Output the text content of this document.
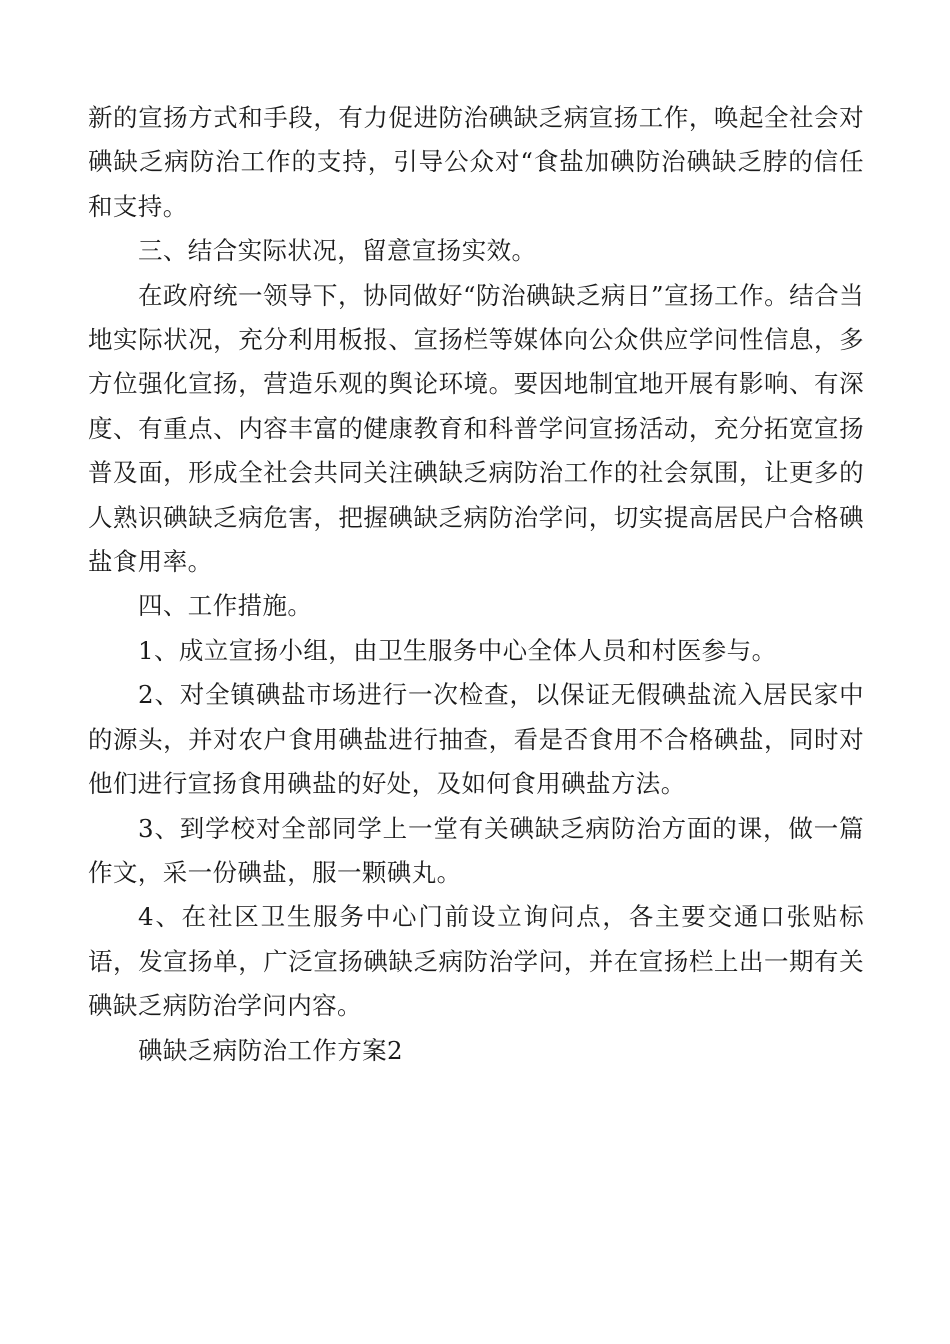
新的宣扬方式和手段，有力促进防治碘缺乏病宣扬工作，唤起全社会对碘缺乏病防治工作的支持，引导公众对“食盐加碘防治碘缺乏脖的信任和支持。

三、结合实际状况，留意宣扬实效。

在政府统一领导下，协同做好“防治碘缺乏病日”宣扬工作。结合当地实际状况，充分利用板报、宣扬栏等媒体向公众供应学问性信息，多方位强化宣扬，营造乐观的舆论环境。要因地制宜地开展有影响、有深度、有重点、内容丰富的健康教育和科普学问宣扬活动，充分拓宽宣扬普及面，形成全社会共同关注碘缺乏病防治工作的社会氛围，让更多的人熟识碘缺乏病危害，把握碘缺乏病防治学问，切实提高居民户合格碘盐食用率。

四、工作措施。

1、成立宣扬小组，由卫生服务中心全体人员和村医参与。

2、对全镇碘盐市场进行一次检查，以保证无假碘盐流入居民家中的源头，并对农户食用碘盐进行抽查，看是否食用不合格碘盐，同时对他们进行宣扬食用碘盐的好处，及如何食用碘盐方法。

3、到学校对全部同学上一堂有关碘缺乏病防治方面的课，做一篇作文，采一份碘盐，服一颗碘丸。

4、在社区卫生服务中心门前设立询问点，各主要交通口张贴标语，发宣扬单，广泛宣扬碘缺乏病防治学问，并在宣扬栏上出一期有关碘缺乏病防治学问内容。

碘缺乏病防治工作方案2
